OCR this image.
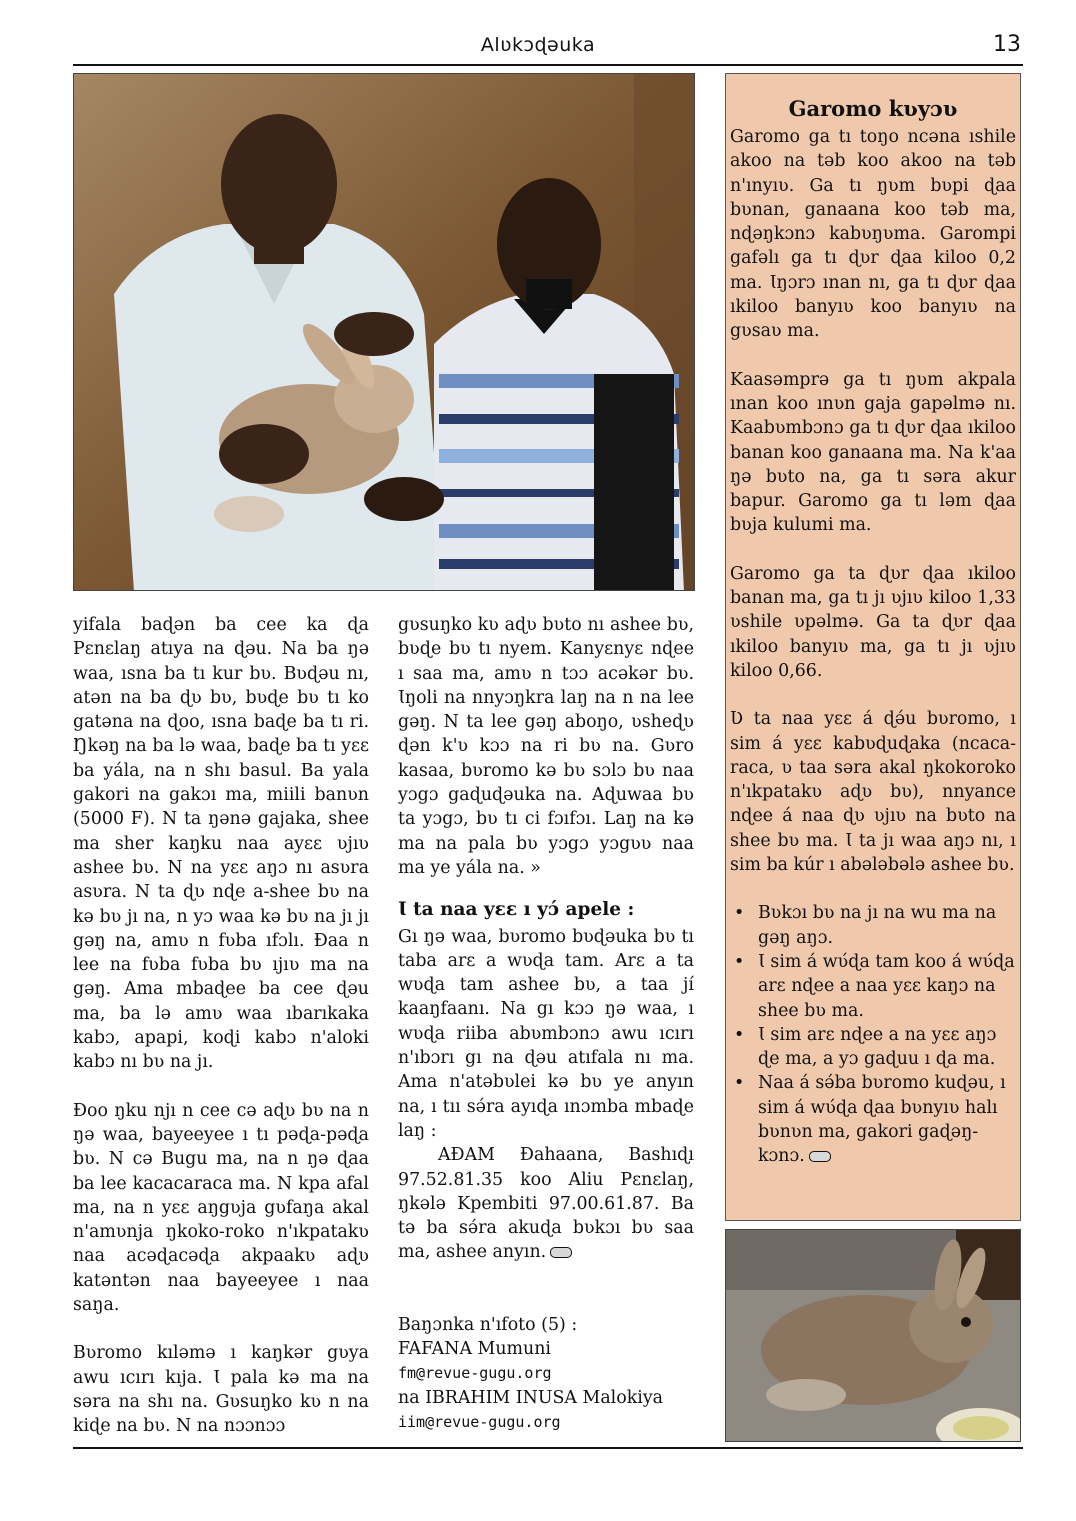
Alʋkɔɖəuka	13

yifala baɖən ba cee ka ɖa Pɛnɛlaŋ atıya na ɖəu. Na ba ŋə waa, ısna ba tı kur bʋ. Bʋɖəu nı, atən na ba ɖʋ bʋ, bʋɖe bʋ tı ko gatəna na ɖoo, ısna baɖe ba tı ri. Ŋkəŋ na ba lə waa, baɖe ba tı yɛɛ ba yála, na n shı basul. Ba yala gakori na gakɔı ma, miili banʋn (5000 F). N ta ŋənə gajaka, shee ma sher kaŋku naa ayɛɛ ʋjıʋ ashee bʋ. N na yɛɛ aŋɔ nı asʋra asʋra. N ta ɖʋ nɖe a-shee bʋ na kə bʋ jı na, n yɔ waa kə bʋ na jı jı gəŋ na, amʋ n fʋba ıfɔlı. Đaa n lee na fʋba fʋba bʋ ıjıʋ ma na gəŋ. Ama mbaɖee ba cee ɖəu ma, ba lə amʋ waa ıbarıkaka kabɔ, apapi, koɖi kabɔ n'aloki kabɔ nı bʋ na jı.

Đoo ŋku njı n cee cə aɖʋ bʋ na n ŋə waa, bayeeyee ı tı pəɖa-pəɖa bʋ. N cə Bugu ma, na n ŋə ɖaa ba lee kacacaraca ma. N kpa afal ma, na n yɛɛ aŋgʋja gʋfaŋa akal n'amʋnja ŋkoko-roko n'ıkpatakʋ naa acəɖacəɖa akpaakʋ aɖʋ katəntən naa bayeeyee ı naa saŋa.

Bʋromo kıləmə ı kaŋkər gʋya awu ıcırı kıja. Ɩ pala kə ma na səra na shı na. Gʋsuŋko kʋ n na kiɖe na bʋ. N na nɔɔnɔɔ

gʋsuŋko kʋ aɖʋ bʋto nı ashee bʋ, bʋɖe bʋ tı nyem. Kanyɛnyɛ nɖee ı saa ma, amʋ n tɔɔ acəkər bʋ. Ɩŋoli na nnyɔŋkra laŋ na n na lee gəŋ. N ta lee gəŋ aboŋo, ʋsheɖʋ ɖən k'ʋ kɔɔ na ri bʋ na. Gʋro kasaa, bʋromo kə bʋ sɔlɔ bʋ naa yɔgɔ gaɖuɖəuka na. Aɖuwaa bʋ ta yɔgɔ, bʋ tı ci fɔıfɔı. Laŋ na kə ma na pala bʋ yɔgɔ yɔgʋʋ naa ma ye yála na. »

Ɩ ta naa yɛɛ ı yɔ́ apele :
Gı ŋə waa, bʋromo bʋɖəuka bʋ tı taba arɛ a wʋɖa tam. Arɛ a ta wʋɖa tam ashee bʋ, a taa jí kaaŋfaanı. Na gı kɔɔ ŋə waa, ı wʋɖa riiba abʋmbɔnɔ awu ıcırı n'ıbɔrı gı na ɖəu atıfala nı ma. Ama n'atəbʋlei kə bʋ ye anyın na, ı tıı sə́ra ayıɖa ınɔmba mbaɖe laŋ :
AĐAM Đahaana, Bashıɖı 97.52.81.35 koo Aliu Pɛnɛlaŋ, ŋkələ Kpembiti 97.00.61.87. Ba tə ba sə́ra akuɖa bʋkɔı bʋ saa ma, ashee anyın.
Baŋɔnka n'ıfoto (5) :
FAFANA Mumuni
fm@revue-gugu.org
na IBRAHIM INUSA Malokiya
iim@revue-gugu.org
Garomo kʋyɔʋ

Garomo ga tı toŋo ncəna ıshile akoo na təb koo akoo na təb n'ınyıʋ. Ga tı ŋʋm bʋpi ɖaa bʋnan, ganaana koo təb ma, nɖəŋkɔnɔ kabʋŋʋma. Garompi gafəlı ga tı ɖʋr ɖaa kiloo 0,2 ma. Ɩŋɔrɔ ınan nı, ga tı ɖʋr ɖaa ıkiloo banyıʋ koo banyıʋ na gʋsaʋ ma.

Kaasəmprə ga tı ŋʋm akpala ınan koo ınʋn gaja gapəlmə nı. Kaabʋmbɔnɔ ga tı ɖʋr ɖaa ıkiloo banan koo ganaana ma. Na k'aa ŋə bʋto na, ga tı səra akur bapur. Garomo ga tı ləm ɖaa bʋja kulumi ma.

Garomo ga ta ɖʋr ɖaa ıkiloo banan ma, ga tı jı ʋjıʋ kiloo 1,33 ʋshile ʋpəlmə. Ga ta ɖʋr ɖaa ıkiloo banyıʋ ma, ga tı jı ʋjıʋ kiloo 0,66.

Ʋ ta naa yɛɛ á ɖə́u bʋromo, ı sim á yɛɛ kabʋɖuɖaka (ncaca-raca, ʋ taa səra akal ŋkokoroko n'ıkpatakʋ aɖʋ bʋ), nnyance nɖee á naa ɖʋ ʋjıʋ na bʋto na shee bʋ ma. Ɩ ta jı waa aŋɔ nı, ı sim ba kúr ı abələbələ ashee bʋ.

• Bʋkɔı bʋ na jı na wu ma na gəŋ aŋɔ.
• Ɩ sim á wʋ́ɖa tam koo á wʋ́ɖa arɛ nɖee a naa yɛɛ kaŋɔ na shee bʋ ma.
• Ɩ sim arɛ nɖee a na yɛɛ aŋɔ ɖe ma, a yɔ gaɖuu ı ɖa ma.
• Naa á sə́ba bʋromo kuɖəu, ı sim á wʋ́ɖa ɖaa bʋnyıʋ halı bʋnʋn ma, gakori gaɖəŋ-kɔnɔ.
